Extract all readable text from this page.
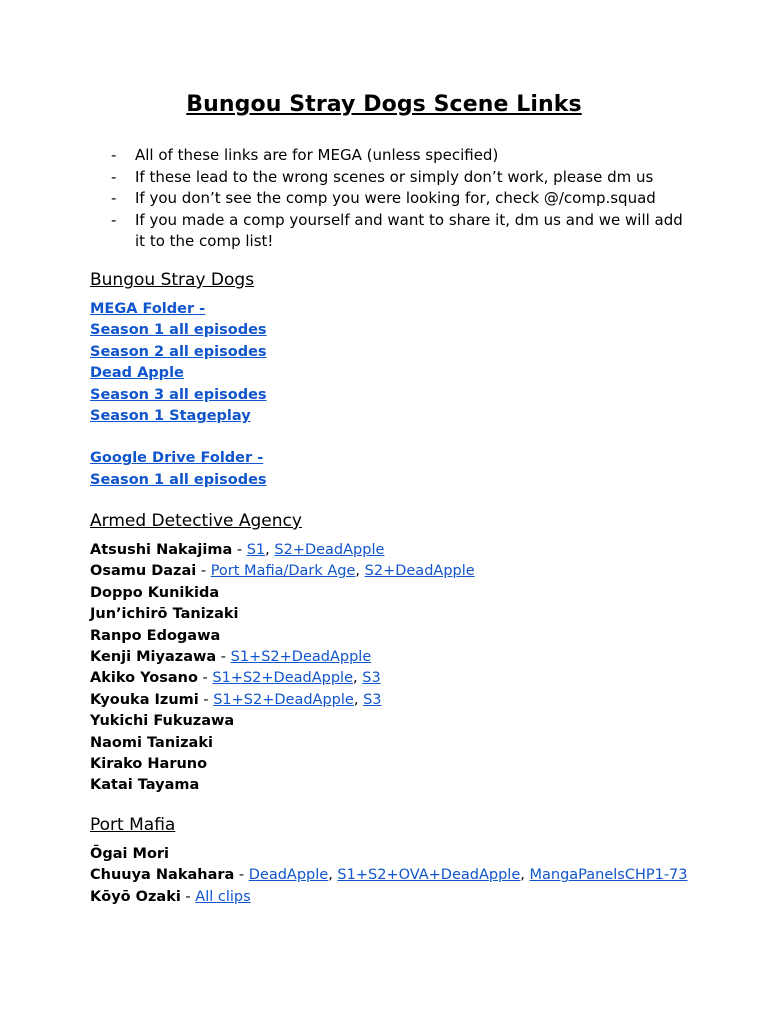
Bungou Stray Dogs Scene Links
- All of these links are for MEGA (unless specified)
- If these lead to the wrong scenes or simply don’t work, please dm us
- If you don’t see the comp you were looking for, check @/comp.squad
- If you made a comp yourself and want to share it, dm us and we will add it to the comp list!
Bungou Stray Dogs
MEGA Folder -
Season 1 all episodes
Season 2 all episodes
Dead Apple
Season 3 all episodes
Season 1 Stageplay
Google Drive Folder -
Season 1 all episodes
Armed Detective Agency
Atsushi Nakajima - S1, S2+DeadApple
Osamu Dazai - Port Mafia/Dark Age, S2+DeadApple
Doppo Kunikida
Jun’ichirō Tanizaki
Ranpo Edogawa
Kenji Miyazawa - S1+S2+DeadApple
Akiko Yosano - S1+S2+DeadApple, S3
Kyouka Izumi - S1+S2+DeadApple, S3
Yukichi Fukuzawa
Naomi Tanizaki
Kirako Haruno
Katai Tayama
Port Mafia
Ōgai Mori
Chuuya Nakahara - DeadApple, S1+S2+OVA+DeadApple, MangaPanelsCHP1-73
Kōyō Ozaki - All clips
